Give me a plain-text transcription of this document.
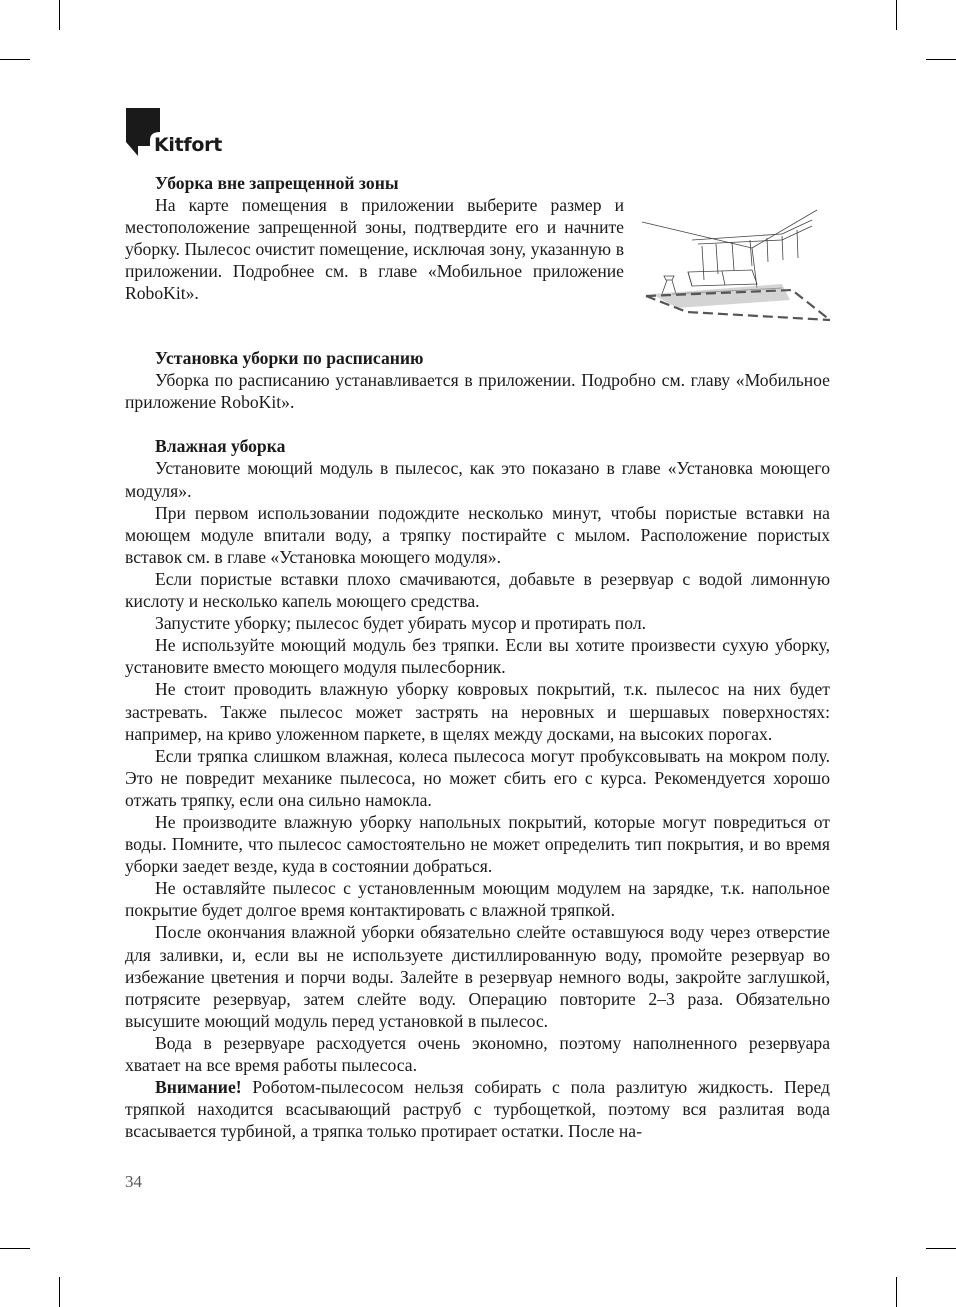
Kitfort
Уборка вне запрещенной зоны

На карте помещения в приложении выберите размер и местоположение запрещенной зоны, подтвердите его и начните уборку. Пылесос очистит помещение, исключая зону, указанную в приложении. Подробнее см. в главе «Мобильное приложение RoboKit».

Установка уборки по расписанию

Уборка по расписанию устанавливается в приложении. Подробно см. главу «Мобильное приложение RoboKit».

Влажная уборка

Установите моющий модуль в пылесос, как это показано в главе «Установка моющего модуля».

При первом использовании подождите несколько минут, чтобы пористые вставки на моющем модуле впитали воду, а тряпку постирайте с мылом. Расположение пористых вставок см. в главе «Установка моющего модуля».

Если пористые вставки плохо смачиваются, добавьте в резервуар с водой лимонную кислоту и несколько капель моющего средства.

Запустите уборку; пылесос будет убирать мусор и протирать пол.

Не используйте моющий модуль без тряпки. Если вы хотите произвести сухую уборку, установите вместо моющего модуля пылесборник.

Не стоит проводить влажную уборку ковровых покрытий, т.к. пылесос на них будет застревать. Также пылесос может застрять на неровных и шершавых поверхностях: например, на криво уложенном паркете, в щелях между досками, на высоких порогах.

Если тряпка слишком влажная, колеса пылесоса могут пробуксовывать на мокром полу. Это не повредит механике пылесоса, но может сбить его с курса. Рекомендуется хорошо отжать тряпку, если она сильно намокла.

Не производите влажную уборку напольных покрытий, которые могут повредиться от воды. Помните, что пылесос самостоятельно не может определить тип покрытия, и во время уборки заедет везде, куда в состоянии добраться.

Не оставляйте пылесос с установленным моющим модулем на зарядке, т.к. напольное покрытие будет долгое время контактировать с влажной тряпкой.

После окончания влажной уборки обязательно слейте оставшуюся воду через отверстие для заливки, и, если вы не используете дистиллированную воду, промойте резервуар во избежание цветения и порчи воды. Залейте в резервуар немного воды, закройте заглушкой, потрясите резервуар, затем слейте воду. Операцию повторите 2–3 раза. Обязательно высушите моющий модуль перед установкой в пылесос.

Вода в резервуаре расходуется очень экономно, поэтому наполненного резервуара хватает на все время работы пылесоса.

Внимание! Роботом-пылесосом нельзя собирать с пола разлитую жидкость. Перед тряпкой находится всасывающий раструб с турбощеткой, поэтому вся разлитая вода всасывается турбиной, а тряпка только протирает остатки. После на-

34
